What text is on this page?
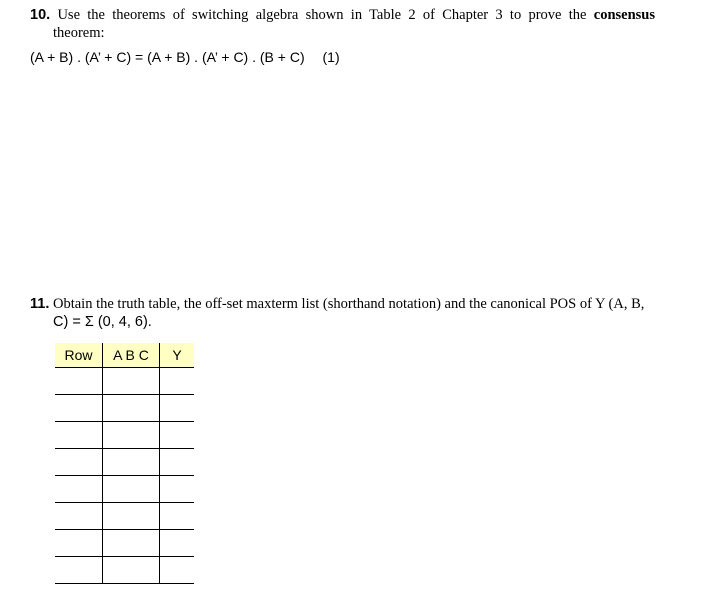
10. Use the theorems of switching algebra shown in Table 2 of Chapter 3 to prove the consensus
theorem:
(A + B) . (A’ + C) = (A + B) . (A’ + C) . (B + C) (1)
11. Obtain the truth table, the off-set maxterm list (shorthand notation) and the canonical POS of Y (A, B,
C) = Σ (0, 4, 6).
Row	A B C	Y
